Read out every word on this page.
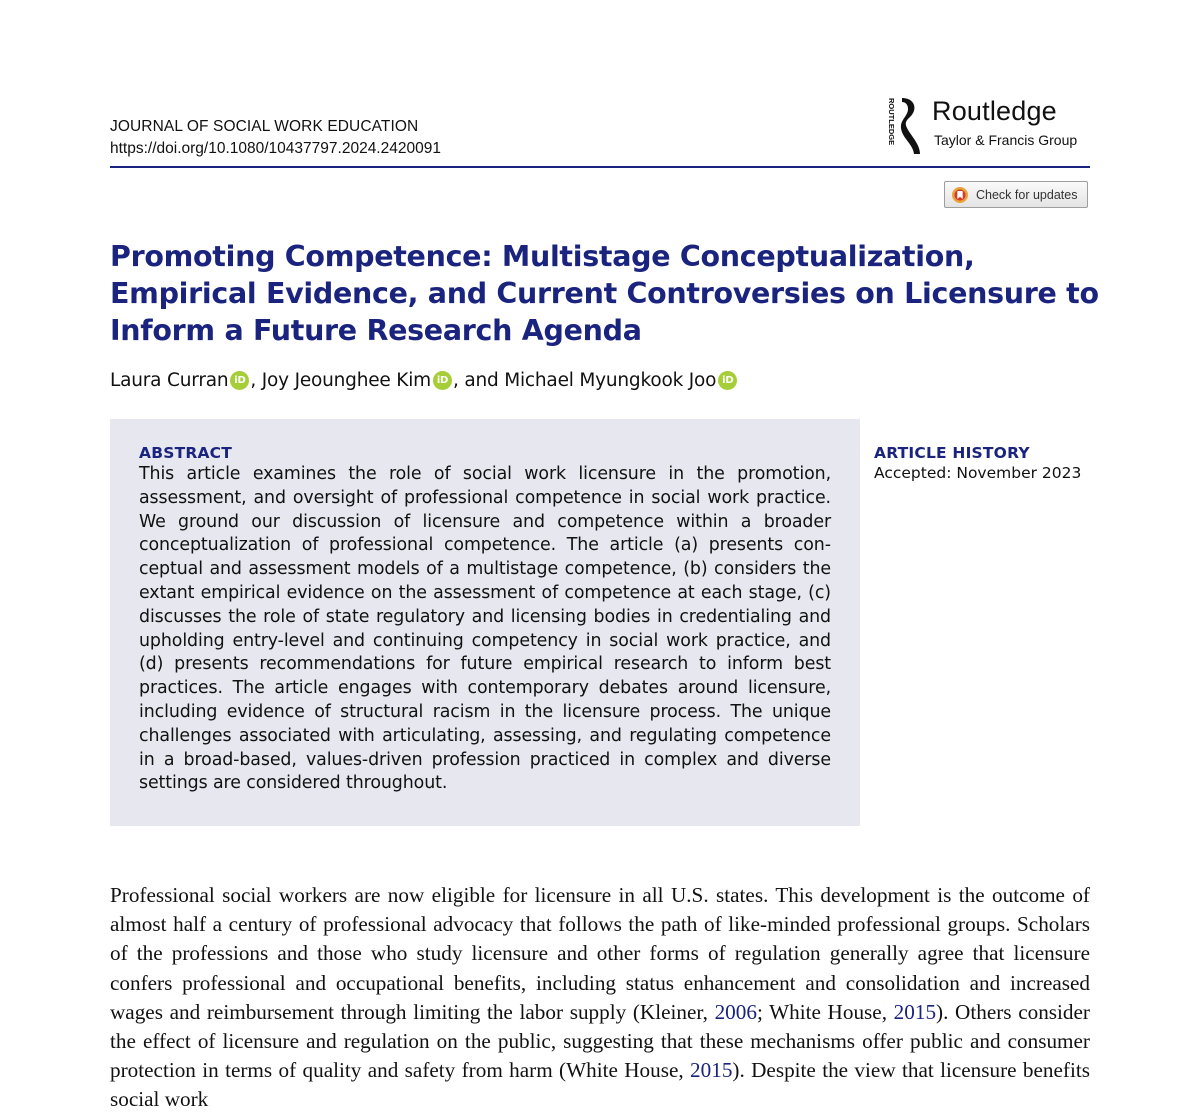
JOURNAL OF SOCIAL WORK EDUCATION
https://doi.org/10.1080/10437797.2024.2420091
ROUTLEDGE Routledge
Taylor & Francis Group
Check for updates
Promoting Competence: Multistage Conceptualization, Empirical Evidence, and Current Controversies on Licensure to Inform a Future Research Agenda
Laura Curran iD , Joy Jeounghee Kim iD , and Michael Myungkook Joo iD
ABSTRACT
This article examines the role of social work licensure in the promotion, assessment, and oversight of professional competence in social work practice. We ground our discussion of licensure and competence within a broader conceptualization of professional competence. The article (a) presents conceptual and assessment models of a multistage competence, (b) considers the extant empirical evidence on the assessment of competence at each stage, (c) discusses the role of state regulatory and licensing bodies in credentialing and upholding entry-level and continuing competency in social work practice, and (d) presents recommendations for future empirical research to inform best practices. The article engages with contemporary debates around licensure, including evidence of structural racism in the licensure process. The unique challenges associated with articulating, assessing, and regulating competence in a broad-based, values-driven profession practiced in complex and diverse settings are considered throughout.
ARTICLE HISTORY
Accepted: November 2023
Professional social workers are now eligible for licensure in all U.S. states. This development is the outcome of almost half a century of professional advocacy that follows the path of like-minded professional groups. Scholars of the professions and those who study licensure and other forms of regulation generally agree that licensure confers professional and occupational benefits, including status enhancement and consolidation and increased wages and reimbursement through limiting the labor supply (Kleiner, 2006; White House, 2015). Others consider the effect of licensure and regulation on the public, suggesting that these mechanisms offer public and consumer protection in terms of quality and safety from harm (White House, 2015). Despite the view that licensure benefits social work
